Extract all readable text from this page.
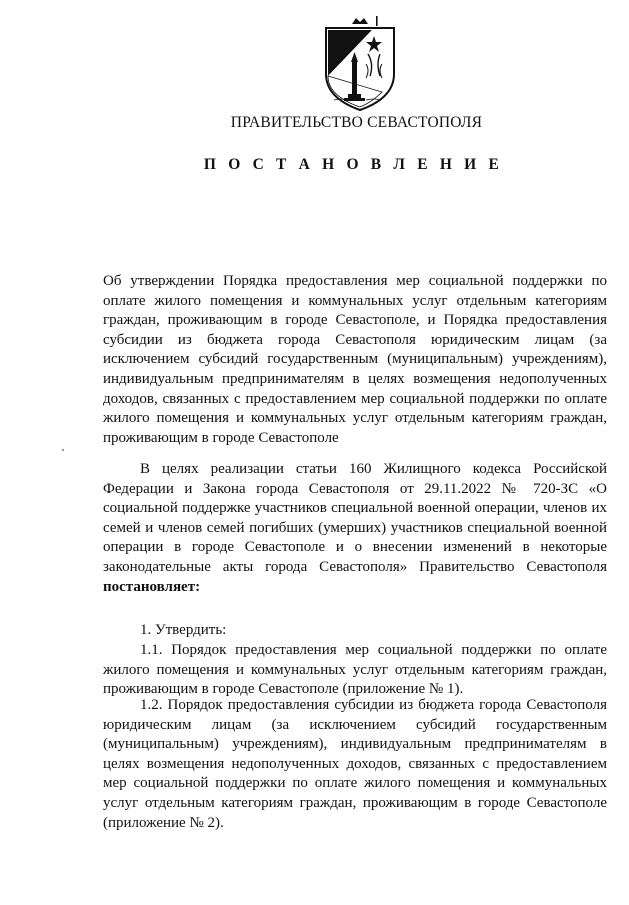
ПРАВИТЕЛЬСТВО СЕВАСТОПОЛЯ
П О С Т А Н О В Л Е Н И Е
Об утверждении Порядка предоставления мер социальной поддержки по оплате жилого помещения и коммунальных услуг отдельным категориям граждан, проживающим в городе Севастополе, и Порядка предоставления субсидии из бюджета города Севастополя юридическим лицам (за исключением субсидий государственным (муниципальным) учреждениям), индивидуальным предпринимателям в целях возмещения недополученных доходов, связанных с предоставлением мер социальной поддержки по оплате жилого помещения и коммунальных услуг отдельным категориям граждан, проживающим в городе Севастополе
В целях реализации статьи 160 Жилищного кодекса Российской Федерации и Закона города Севастополя от 29.11.2022 № 720-ЗС «О социальной поддержке участников специальной военной операции, членов их семей и членов семей погибших (умерших) участников специальной военной операции в городе Севастополе и о внесении изменений в некоторые законодательные акты города Севастополя» Правительство Севастополя постановляет:
1. Утвердить:
1.1. Порядок предоставления мер социальной поддержки по оплате жилого помещения и коммунальных услуг отдельным категориям граждан, проживающим в городе Севастополе (приложение № 1).
1.2. Порядок предоставления субсидии из бюджета города Севастополя юридическим лицам (за исключением субсидий государственным (муниципальным) учреждениям), индивидуальным предпринимателям в целях возмещения недополученных доходов, связанных с предоставлением мер социальной поддержки по оплате жилого помещения и коммунальных услуг отдельным категориям граждан, проживающим в городе Севастополе (приложение № 2).
